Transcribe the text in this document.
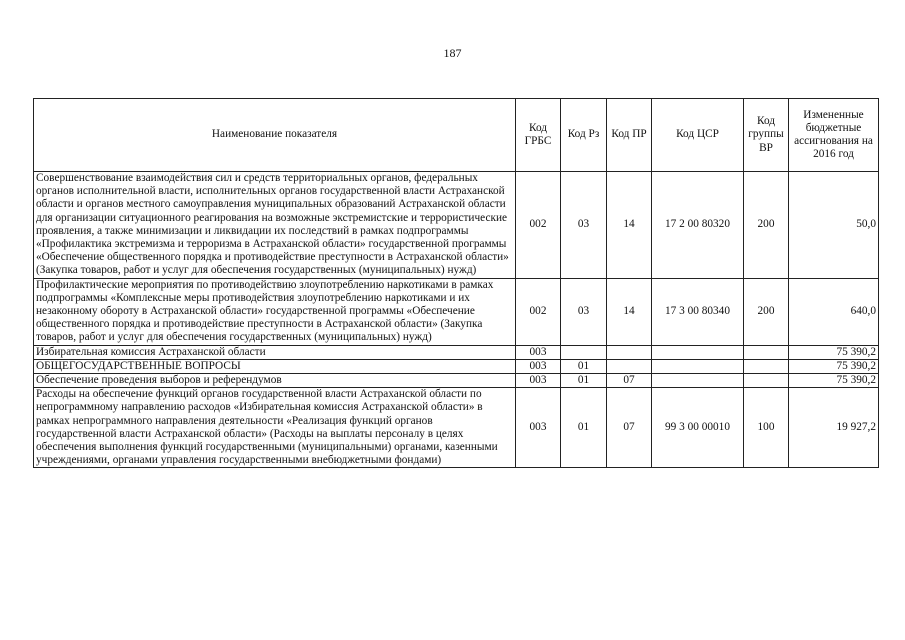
187
Наименование показателя	Код ГРБС	Код Рз	Код ПР	Код ЦСР	Код группы ВР	Измененные бюджетные ассигнования на 2016 год
Совершенствование взаимодействия сил и средств территориальных органов, федеральных органов исполнительной власти, исполнительных органов государственной власти Астраханской области и органов местного самоуправления муниципальных образований Астраханской области для организации ситуационного реагирования на возможные экстремистские и террористические проявления, а также минимизации и ликвидации их последствий в рамках подпрограммы «Профилактика экстремизма и терроризма в Астраханской области» государственной программы «Обеспечение общественного порядка и противодействие преступности в Астраханской области» (Закупка товаров, работ и услуг для обеспечения государственных (муниципальных) нужд)	002	03	14	17 2 00 80320	200	50,0
Профилактические мероприятия по противодействию злоупотреблению наркотиками в рамках подпрограммы «Комплексные меры противодействия злоупотреблению наркотиками и их незаконному обороту в Астраханской области» государственной программы «Обеспечение общественного порядка и противодействие преступности в Астраханской области» (Закупка товаров, работ и услуг для обеспечения государственных (муниципальных) нужд)	002	03	14	17 3 00 80340	200	640,0
Избирательная комиссия Астраханской области	003					75 390,2
ОБЩЕГОСУДАРСТВЕННЫЕ ВОПРОСЫ	003	01				75 390,2
Обеспечение проведения выборов и референдумов	003	01	07			75 390,2
Расходы на обеспечение функций органов государственной власти Астраханской области по непрограммному направлению расходов «Избирательная комиссия Астраханской области» в рамках непрограммного направления деятельности «Реализация функций органов государственной власти Астраханской области» (Расходы на выплаты персоналу в целях обеспечения выполнения функций государственными (муниципальными) органами, казенными учреждениями, органами управления государственными внебюджетными фондами)	003	01	07	99 3 00 00010	100	19 927,2
